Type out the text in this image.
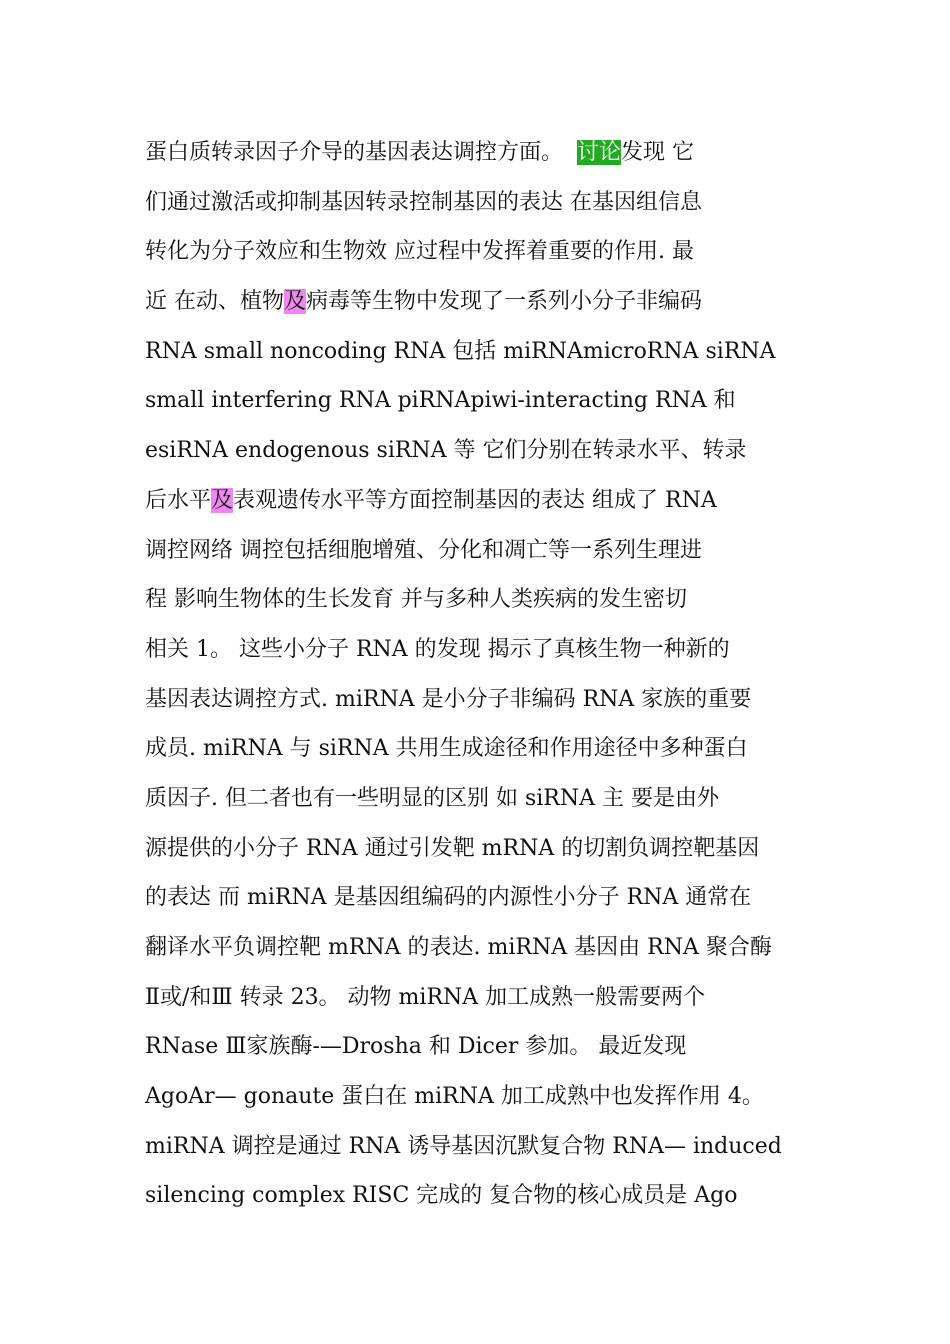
蛋白质转录因子介导的基因表达调控方面。  讨论发现 它
们通过激活或抑制基因转录控制基因的表达 在基因组信息
转化为分子效应和生物效 应过程中发挥着重要的作用. 最
近 在动、植物及病毒等生物中发现了一系列小分子非编码
RNA small noncoding RNA 包括 miRNAmicroRNA siRNA
small interfering RNA piRNApiwi-interacting RNA 和
esiRNA endogenous siRNA 等 它们分别在转录水平、转录
后水平及表观遗传水平等方面控制基因的表达 组成了 RNA
调控网络 调控包括细胞增殖、分化和凋亡等一系列生理进
程 影响生物体的生长发育 并与多种人类疾病的发生密切
相关 1。 这些小分子 RNA 的发现 揭示了真核生物一种新的
基因表达调控方式. miRNA 是小分子非编码 RNA 家族的重要
成员. miRNA 与 siRNA 共用生成途径和作用途径中多种蛋白
质因子. 但二者也有一些明显的区别 如 siRNA 主 要是由外
源提供的小分子 RNA 通过引发靶 mRNA 的切割负调控靶基因
的表达 而 miRNA 是基因组编码的内源性小分子 RNA 通常在
翻译水平负调控靶 mRNA 的表达. miRNA 基因由 RNA 聚合酶
Ⅱ或/和Ⅲ 转录 23。 动物 miRNA 加工成熟一般需要两个
RNase Ⅲ家族酶-—Drosha 和 Dicer 参加。 最近发现
AgoAr— gonaute 蛋白在 miRNA 加工成熟中也发挥作用 4。
miRNA 调控是通过 RNA 诱导基因沉默复合物 RNA— induced
silencing complex RISC 完成的 复合物的核心成员是 Ago
